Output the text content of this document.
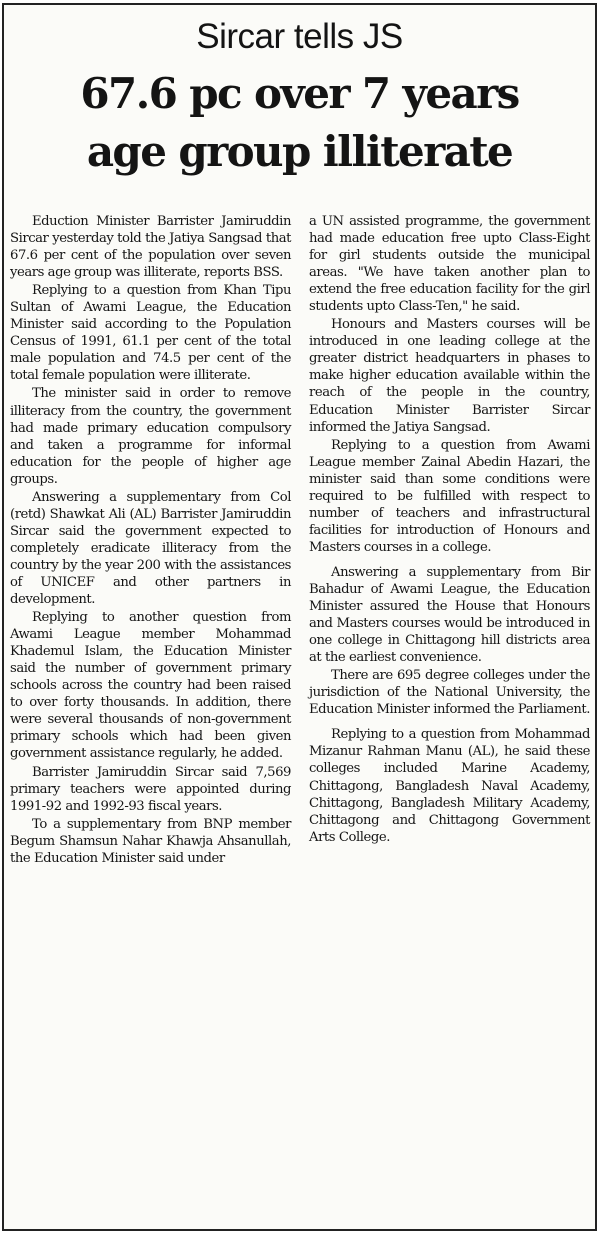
Sircar tells JS
67.6 pc over 7 years
age group illiterate

Eduction Minister Barrister Jamiruddin Sircar yesterday told the Jatiya Sangsad that 67.6 per cent of the population over seven years age group was illiterate, reports BSS.

Replying to a question from Khan Tipu Sultan of Awami League, the Education Minister said according to the Population Census of 1991, 61.1 per cent of the total male population and 74.5 per cent of the total female population were illiterate.

The minister said in order to remove illiteracy from the country, the government had made primary education compulsory and taken a programme for informal education for the people of higher age groups.

Answering a supplementary from Col (retd) Shawkat Ali (AL) Barrister Jamiruddin Sircar said the government expected to completely eradicate illiteracy from the country by the year 200 with the assistances of UNICEF and other partners in development.

Replying to another question from Awami League member Mohammad Khademul Islam, the Education Minister said the number of government primary schools across the country had been raised to over forty thousands. In addition, there were several thousands of non-government primary schools which had been given government assistance regularly, he added.

Barrister Jamiruddin Sircar said 7,569 primary teachers were appointed during 1991-92 and 1992-93 fiscal years.

To a supplementary from BNP member Begum Shamsun Nahar Khawja Ahsanullah, the Education Minister said under

a UN assisted programme, the government had made education free upto Class-Eight for girl students outside the municipal areas. "We have taken another plan to extend the free education facility for the girl students upto Class-Ten," he said.

Honours and Masters courses will be introduced in one leading college at the greater district headquarters in phases to make higher education available within the reach of the people in the country, Education Minister Barrister Sircar informed the Jatiya Sangsad.

Replying to a question from Awami League member Zainal Abedin Hazari, the minister said than some conditions were required to be fulfilled with respect to number of teachers and infrastructural facilities for introduction of Honours and Masters courses in a college.

Answering a supplementary from Bir Bahadur of Awami League, the Education Minister assured the House that Honours and Masters courses would be introduced in one college in Chittagong hill districts area at the earliest convenience.

There are 695 degree colleges under the jurisdiction of the National University, the Education Minister informed the Parliament.

Replying to a question from Mohammad Mizanur Rahman Manu (AL), he said these colleges included Marine Academy, Chittagong, Bangladesh Naval Academy, Chittagong, Bangladesh Military Academy, Chittagong and Chittagong Government Arts College.
